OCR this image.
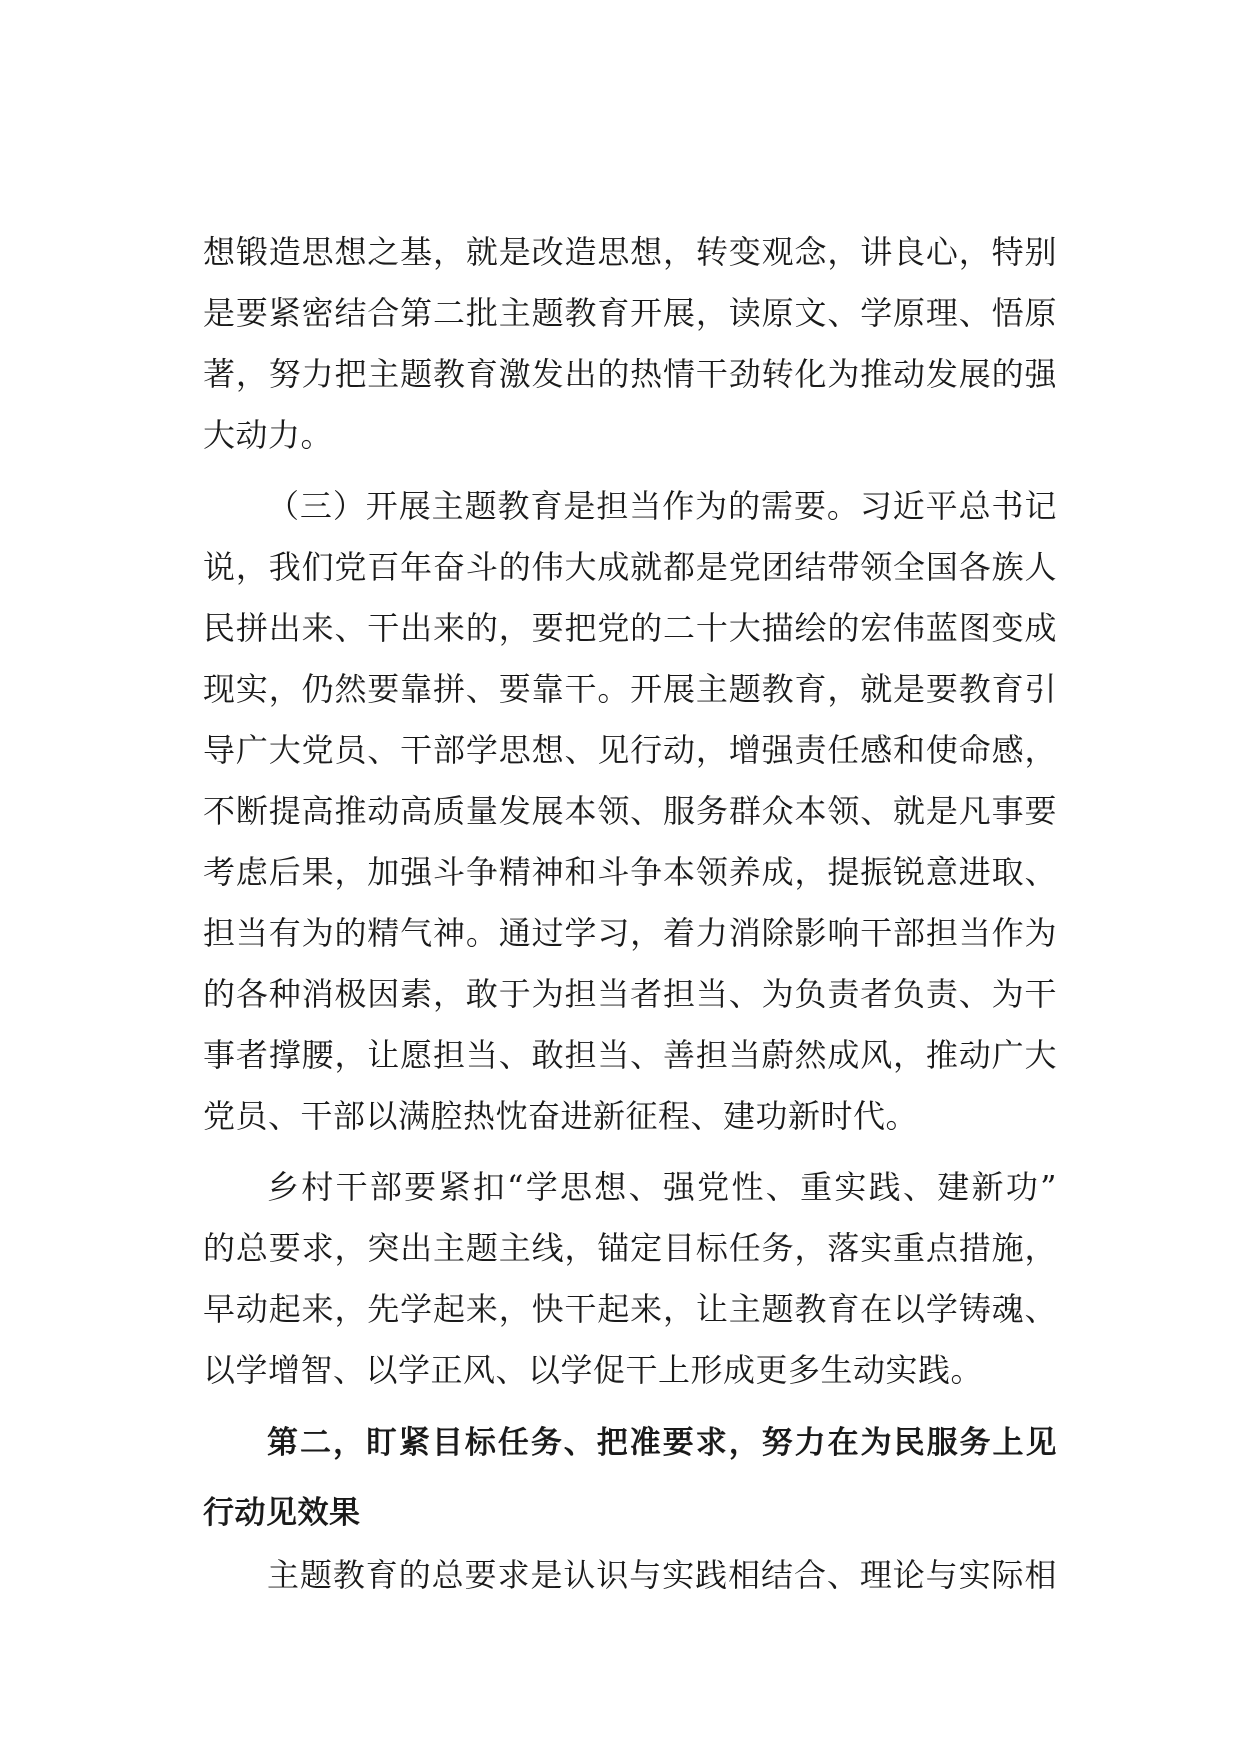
想锻造思想之基，就是改造思想，转变观念，讲良心，特别
是要紧密结合第二批主题教育开展，读原文、学原理、悟原
著，努力把主题教育激发出的热情干劲转化为推动发展的强
大动力。
（三）开展主题教育是担当作为的需要。习近平总书记
说，我们党百年奋斗的伟大成就都是党团结带领全国各族人
民拼出来、干出来的，要把党的二十大描绘的宏伟蓝图变成
现实，仍然要靠拼、要靠干。开展主题教育，就是要教育引
导广大党员、干部学思想、见行动，增强责任感和使命感，
不断提高推动高质量发展本领、服务群众本领、就是凡事要
考虑后果，加强斗争精神和斗争本领养成，提振锐意进取、
担当有为的精气神。通过学习，着力消除影响干部担当作为
的各种消极因素，敢于为担当者担当、为负责者负责、为干
事者撑腰，让愿担当、敢担当、善担当蔚然成风，推动广大
党员、干部以满腔热忱奋进新征程、建功新时代。
乡村干部要紧扣“学思想、强党性、重实践、建新功”
的总要求，突出主题主线，锚定目标任务，落实重点措施，
早动起来，先学起来，快干起来，让主题教育在以学铸魂、
以学增智、以学正风、以学促干上形成更多生动实践。
第二，盯紧目标任务、把准要求，努力在为民服务上见
行动见效果
主题教育的总要求是认识与实践相结合、理论与实际相
